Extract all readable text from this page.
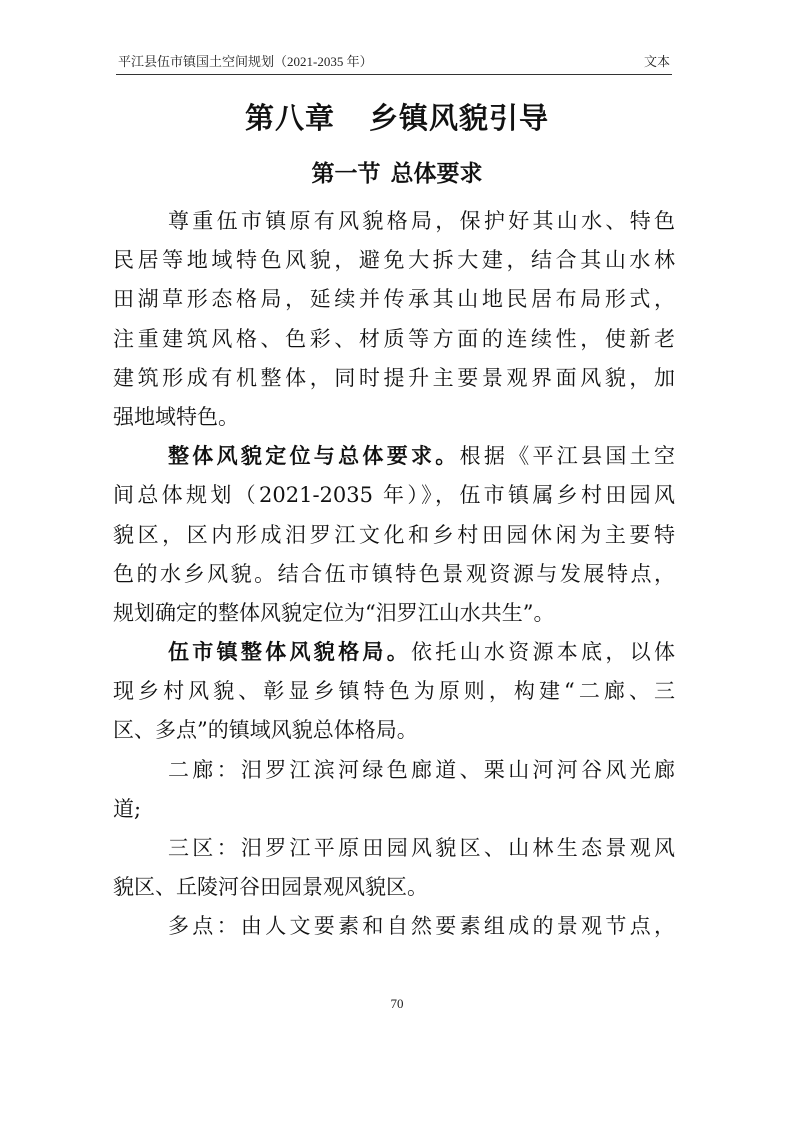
平江县伍市镇国土空间规划（2021-2035 年）	文本
第八章 乡镇风貌引导
第一节 总体要求
尊重伍市镇原有风貌格局，保护好其山水、特色
民居等地域特色风貌，避免大拆大建，结合其山水林
田湖草形态格局，延续并传承其山地民居布局形式，
注重建筑风格、色彩、材质等方面的连续性，使新老
建筑形成有机整体，同时提升主要景观界面风貌，加
强地域特色。
整体风貌定位与总体要求。根据《平江县国土空
间总体规划（2021-2035 年）》，伍市镇属乡村田园风
貌区，区内形成汨罗江文化和乡村田园休闲为主要特
色的水乡风貌。结合伍市镇特色景观资源与发展特点，
规划确定的整体风貌定位为“汨罗江山水共生”。
伍市镇整体风貌格局。依托山水资源本底，以体
现乡村风貌、彰显乡镇特色为原则，构建“二廊、三
区、多点”的镇域风貌总体格局。
二廊：汨罗江滨河绿色廊道、栗山河河谷风光廊
道;
三区：汨罗江平原田园风貌区、山林生态景观风
貌区、丘陵河谷田园景观风貌区。
多点：由人文要素和自然要素组成的景观节点，
70
